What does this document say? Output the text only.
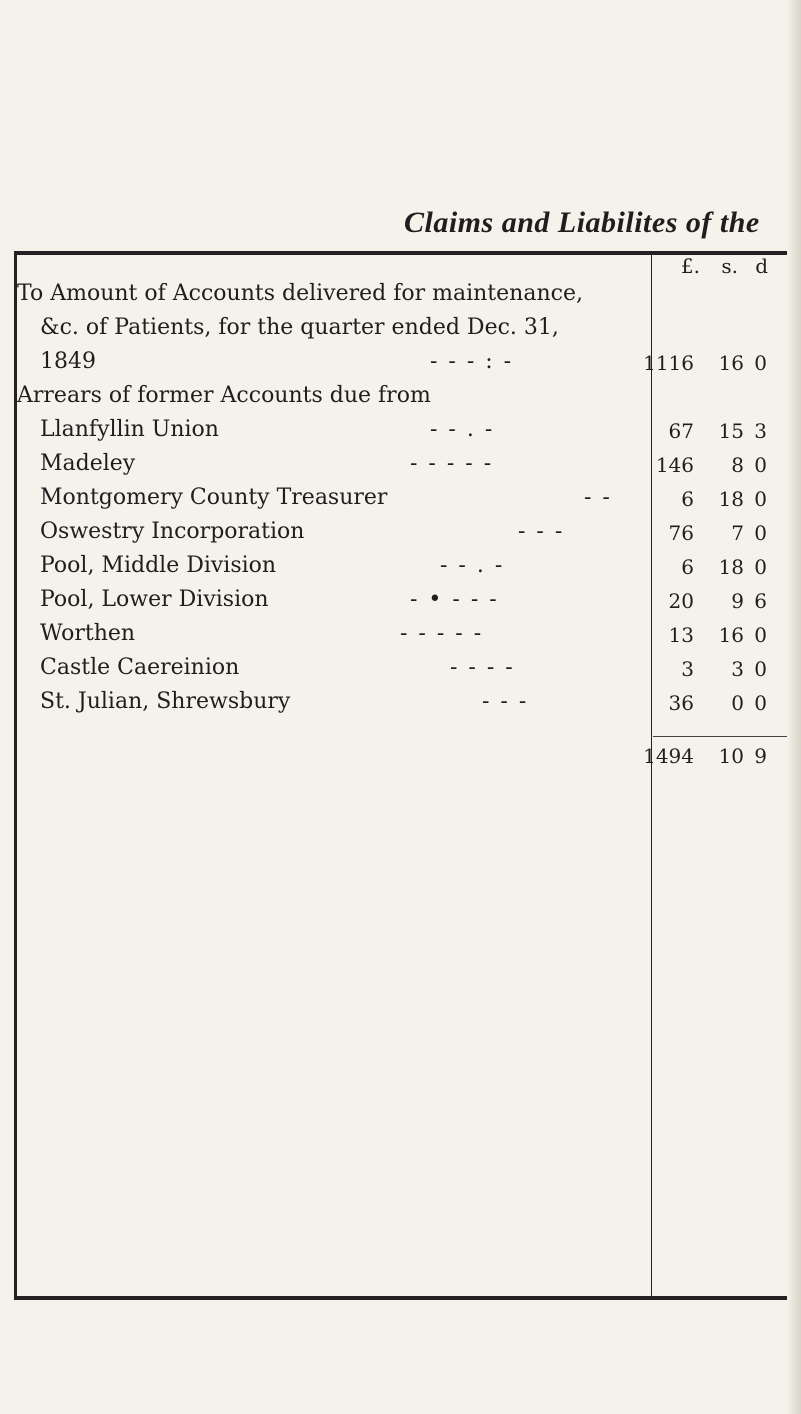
Claims and Liabilites of the
£.	s. d
To Amount of Accounts delivered for maintenance,
&c. of Patients, for the quarter ended Dec. 31,
1849	- - - : -	1116	16 0
Arrears of former Accounts due from
Llanfyllin Union	- - . -	67	15 3
Madeley	- - - - -	146	8 0
Montgomery County Treasurer	- -	6	18 0
Oswestry Incorporation	- - -	76	7 0
Pool, Middle Division	- - . -	6	18 0
Pool, Lower Division	- • - - -	20	9 6
Worthen	- - - - -	13	16 0
Castle Caereinion	- - - -	3	3 0
St. Julian, Shrewsbury	- - -	36	0 0
1494	10 9
